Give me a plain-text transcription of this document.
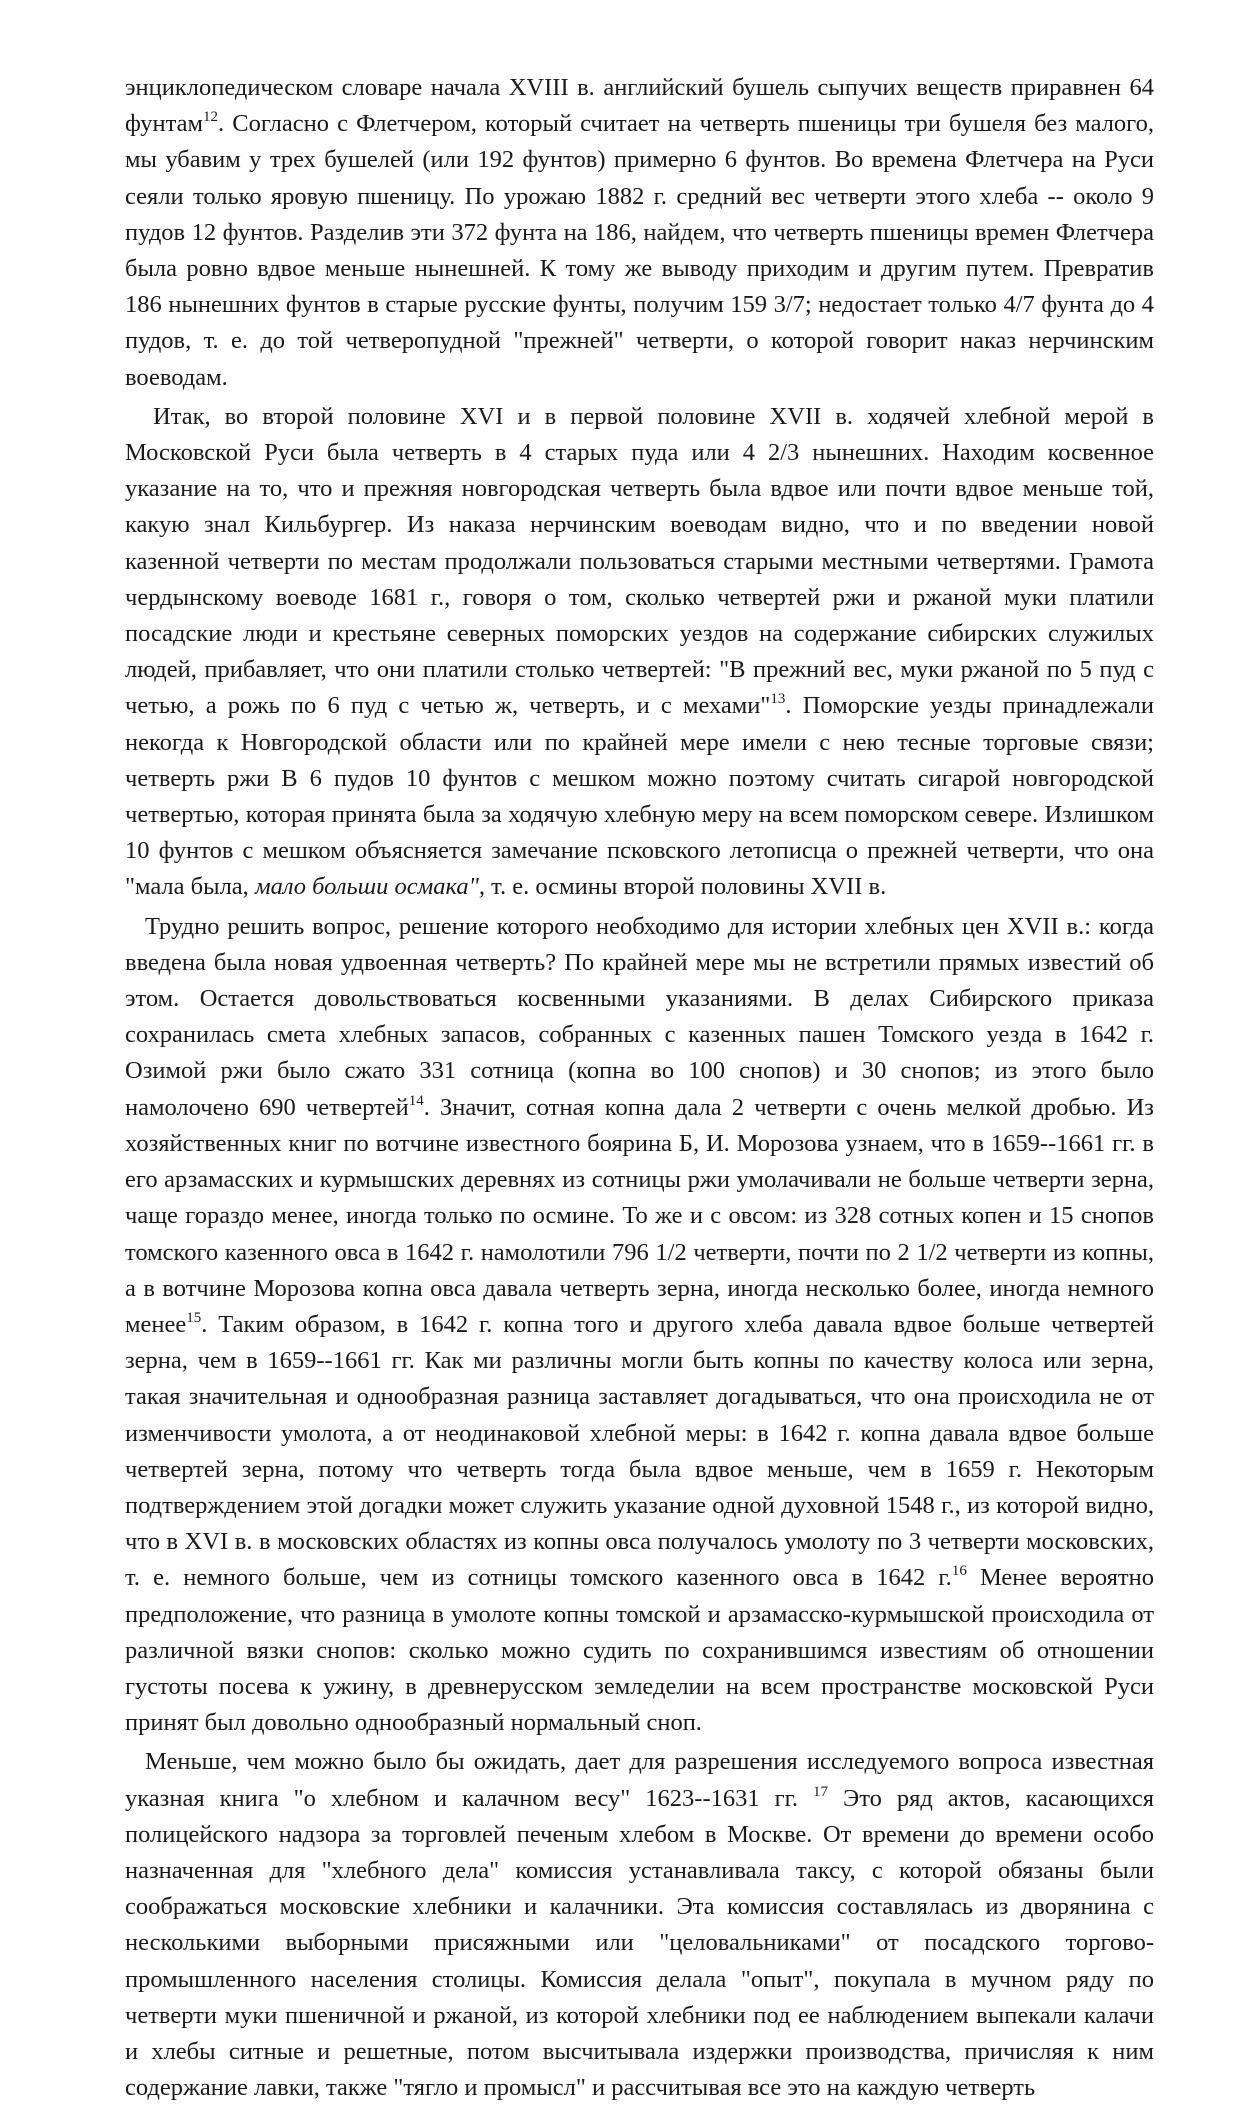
энциклопедическом словаре начала XVIII в. английский бушель сыпучих веществ приравнен 64 фунтам$^{12}$. Согласно с Флетчером, который считает на четверть пшеницы три бушеля без малого, мы убавим у трех бушелей (или 192 фунтов) примерно 6 фунтов. Во времена Флетчера на Руси сеяли только яровую пшеницу. По урожаю 1882 г. средний вес четверти этого хлеба -- около 9 пудов 12 фунтов. Разделив эти 372 фунта на 186, найдем, что четверть пшеницы времен Флетчера была ровно вдвое меньше нынешней. К тому же выводу приходим и другим путем. Превратив 186 нынешних фунтов в старые русские фунты, получим 159 3/7; недостает только 4/7 фунта до 4 пудов, т. е. до той четверопудной "прежней" четверти, о которой говорит наказ нерчинским воеводам.

Итак, во второй половине XVI и в первой половине XVII в. ходячей хлебной мерой в Московской Руси была четверть в 4 старых пуда или 4 2/3 нынешних. Находим косвенное указание на то, что и прежняя новгородская четверть была вдвое или почти вдвое меньше той, какую знал Кильбургер. Из наказа нерчинским воеводам видно, что и по введении новой казенной четверти по местам продолжали пользоваться старыми местными четвертями. Грамота чердынскому воеводе 1681 г., говоря о том, сколько четвертей ржи и ржаной муки платили посадские люди и крестьяне северных поморских уездов на содержание сибирских служилых людей, прибавляет, что они платили столько четвертей: "В прежний вес, муки ржаной по 5 пуд с четью, а рожь по 6 пуд с четью ж, четверть, и с мехами"$^{13}$. Поморские уезды принадлежали некогда к Новгородской области или по крайней мере имели с нею тесные торговые связи; четверть ржи В 6 пудов 10 фунтов с мешком можно поэтому считать сигарой новгородской четвертью, которая принята была за ходячую хлебную меру на всем поморском севере. Излишком 10 фунтов с мешком объясняется замечание псковского летописца о прежней четверти, что она "мала была, мало больши осмака", т. е. осмины второй половины XVII в.

Трудно решить вопрос, решение которого необходимо для истории хлебных цен XVII в.: когда введена была новая удвоенная четверть? По крайней мере мы не встретили прямых известий об этом. Остается довольствоваться косвенными указаниями. В делах Сибирского приказа сохранилась смета хлебных запасов, собранных с казенных пашен Томского уезда в 1642 г. Озимой ржи было сжато 331 сотница (копна во 100 снопов) и 30 снопов; из этого было намолочено 690 четвертей$^{14}$. Значит, сотная копна дала 2 четверти с очень мелкой дробью. Из хозяйственных книг по вотчине известного боярина Б, И. Морозова узнаем, что в 1659--1661 гг. в его арзамасских и курмышских деревнях из сотницы ржи умолачивали не больше четверти зерна, чаще гораздо менее, иногда только по осмине. То же и с овсом: из 328 сотных копен и 15 снопов томского казенного овса в 1642 г. намолотили 796 1/2 четверти, почти по 2 1/2 четверти из копны, а в вотчине Морозова копна овса давала четверть зерна, иногда несколько более, иногда немного менее$^{15}$. Таким образом, в 1642 г. копна того и другого хлеба давала вдвое больше четвертей зерна, чем в 1659--1661 гг. Как ми различны могли быть копны по качеству колоса или зерна, такая значительная и однообразная разница заставляет догадываться, что она происходила не от изменчивости умолота, а от неодинаковой хлебной меры: в 1642 г. копна давала вдвое больше четвертей зерна, потому что четверть тогда была вдвое меньше, чем в 1659 г. Некоторым подтверждением этой догадки может служить указание одной духовной 1548 г., из которой видно, что в XVI в. в московских областях из копны овса получалось умолоту по 3 четверти московских, т. е. немного больше, чем из сотницы томского казенного овса в 1642 г.$^{16}$ Менее вероятно предположение, что разница в умолоте копны томской и арзамасско-курмышской происходила от различной вязки снопов: сколько можно судить по сохранившимся известиям об отношении густоты посева к ужину, в древнерусском земледелии на всем пространстве московской Руси принят был довольно однообразный нормальный сноп.

Меньше, чем можно было бы ожидать, дает для разрешения исследуемого вопроса известная указная книга "о хлебном и калачном весу" 1623--1631 гг. $^{17}$ Это ряд актов, касающихся полицейского надзора за торговлей печеным хлебом в Москве. От времени до времени особо назначенная для "хлебного дела" комиссия устанавливала таксу, с которой обязаны были соображаться московские хлебники и калачники. Эта комиссия составлялась из дворянина с несколькими выборными присяжными или "целовальниками" от посадского торгово-промышленного населения столицы. Комиссия делала "опыт", покупала в мучном ряду по четверти муки пшеничной и ржаной, из которой хлебники под ее наблюдением выпекали калачи и хлебы ситные и решетные, потом высчитывала издержки производства, причисляя к ним содержание лавки, также "тягло и промысл" и рассчитывая все это на каждую четверть
